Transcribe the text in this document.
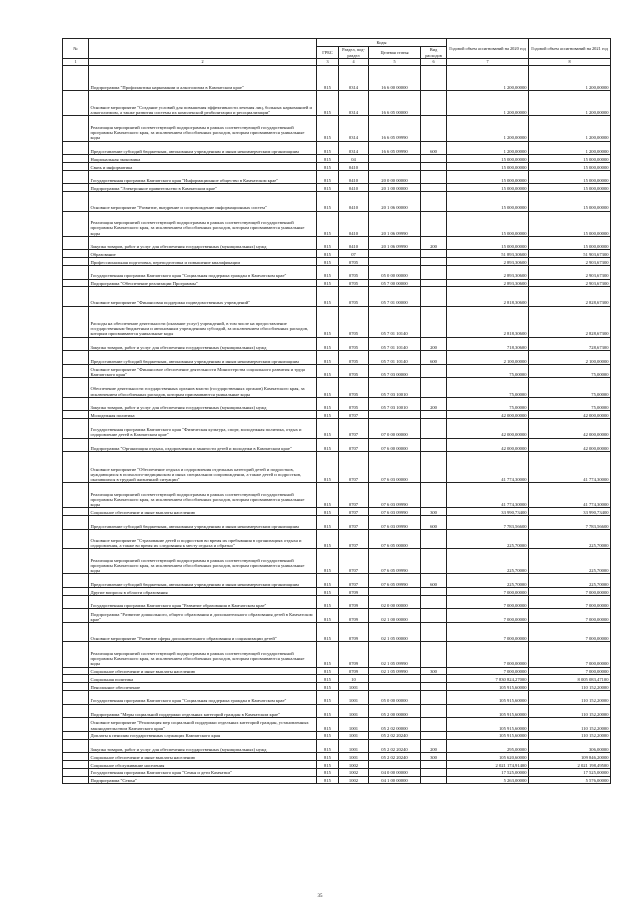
№		Коды				Годовой объем ассигнований на 2020 год	Годовой объем ассигнований на 2021 год
		ГРБС	Раздел, под-раздел	Целевая статья	Вид расходов		
1	2	3	4	5	6	7	8
	Подпрограмма "Профилактика наркомании и алкоголизма в Камчатском крае"	815	0314	16 6 00 00000		1 200,00000	1 200,00000
	Основное мероприятие "Создание условий для повышения эффективности лечения лиц, больных наркоманией и алкоголизмом, а также развития системы их комплексной реабилитации и ресоциализации"	815	0314	16 6 05 00000		1 200,00000	1 200,00000
	Реализация мероприятий соответствующей подпрограммы в рамках соответствующей государственной программы Камчатского края, за исключением обособленных расходов, которым присваиваются уникальные коды	815	0314	16 6 05 09990		1 200,00000	1 200,00000
	Предоставление субсидий бюджетным, автономным учреждениям и иным некоммерческим организациям	815	0314	16 6 05 09990	600	1 200,00000	1 200,00000
	Национальная экономика	815	04			15 000,00000	15 000,00000
	Связь и информатика	815	0410			15 000,00000	15 000,00000
	Государственная программа Камчатского края "Информационное общество в Камчатском крае"	815	0410	20 0 00 00000		15 000,00000	15 000,00000
	Подпрограмма "Электронное правительство в Камчатском крае"	815	0410	20 1 00 00000		15 000,00000	15 000,00000
	Основное мероприятие "Развитие, внедрение и сопровождение информационных систем"	815	0410	20 1 06 00000		15 000,00000	15 000,00000
	Реализация мероприятий соответствующей подпрограммы в рамках соответствующей государственной программы Камчатского края, за исключением обособленных расходов, которым присваиваются уникальные коды	815	0410	20 1 06 09990		15 000,00000	15 000,00000
	Закупка товаров, работ и услуг для обеспечения государственных (муниципальных) нужд	815	0410	20 1 06 09990	200	15 000,00000	15 000,00000
	Образование	815	07			51 893,30600	51 903,67300
	Профессиональная подготовка, переподготовка и повышение квалификации	815	0705			2 893,30600	2 903,67300
	Государственная программа Камчатского края "Социальная поддержка граждан в Камчатском крае"	815	0705	05 0 00 00000		2 893,30600	2 903,67300
	Подпрограмма "Обеспечение реализации Программы"	815	0705	05 7 00 00000		2 893,30600	2 903,67300
	Основное мероприятие "Финансовая поддержка подведомственных учреждений"	815	0705	05 7 01 00000		2 818,30600	2 828,67300
	Расходы на обеспечение деятельности (оказание услуг) учреждений, в том числе на предоставление государственным бюджетным и автономным учреждениям субсидий, за исключением обособленных расходов, которым присваиваются уникальные коды	815	0705	05 7 01 10140		2 818,30600	2 828,67300
	Закупка товаров, работ и услуг для обеспечения государственных (муниципальных) нужд	815	0705	05 7 01 10140	200	718,30600	728,67300
	Предоставление субсидий бюджетным, автономным учреждениям и иным некоммерческим организациям	815	0705	05 7 01 10140	600	2 100,00000	2 100,00000
	Основное мероприятие "Финансовое обеспечение деятельности Министерства социального развития и труда Камчатского края"	815	0705	05 7 03 00000		75,00000	75,00000
	Обеспечение деятельности государственных органов власти (государственных органов) Камчатского края, за исключением обособленных расходов, которым присваиваются уникальные коды	815	0705	05 7 03 10010		75,00000	75,00000
	Закупка товаров, работ и услуг для обеспечения государственных (муниципальных) нужд	815	0705	05 7 03 10010	200	75,00000	75,00000
	Молодежная политика	815	0707			42 000,00000	42 000,00000
	Государственная программа Камчатского края "Физическая культура, спорт, молодежная политика, отдых и оздоровление детей в Камчатском крае"	815	0707	07 0 00 00000		42 000,00000	42 000,00000
	Подпрограмма "Организация отдыха, оздоровления и занятости детей и молодежи в Камчатском крае"	815	0707	07 6 00 00000		42 000,00000	42 000,00000
	Основное мероприятие "Обеспечение отдыха и оздоровления отдельных категорий детей и подростков, нуждающихся в психолого-медицинском и иных специальном сопровождении, а также детей и подростков, оказавшихся в трудной жизненной ситуации"	815	0707	07 6 03 00000		41 774,30000	41 774,30000
	Реализация мероприятий соответствующей подпрограммы в рамках соответствующей государственной программы Камчатского края, за исключением обособленных расходов, которым присваиваются уникальные коды	815	0707	07 6 03 09990		41 774,30000	41 774,30000
	Социальное обеспечение и иные выплаты населению	815	0707	07 6 03 09990	300	33 990,73400	33 990,73400
	Предоставление субсидий бюджетным, автономным учреждениям и иным некоммерческим организациям	815	0707	07 6 03 09990	600	7 783,56600	7 783,56600
	Основное мероприятие "Страхование детей и подростков во время их пребывания в организациях отдыха и оздоровления, а также во время их следования к месту отдыха и обратно"	815	0707	07 6 05 00000		225,70000	225,70000
	Реализация мероприятий соответствующей подпрограммы в рамках соответствующей государственной программы Камчатского края, за исключением обособленных расходов, которым присваиваются уникальные коды	815	0707	07 6 05 09990		225,70000	225,70000
	Предоставление субсидий бюджетным, автономным учреждениям и иным некоммерческим организациям	815	0707	07 6 05 09990	600	225,70000	225,70000
	Другие вопросы в области образования	815	0709			7 000,00000	7 000,00000
	Государственная программа Камчатского края "Развитие образования в Камчатском крае"	815	0709	02 0 00 00000		7 000,00000	7 000,00000
	Подпрограмма "Развитие дошкольного, общего образования и дополнительного образования детей в Камчатском крае"	815	0709	02 1 00 00000		7 000,00000	7 000,00000
	Основное мероприятие "Развитие сферы дополнительного образования и социализации детей"	815	0709	02 1 05 00000		7 000,00000	7 000,00000
	Реализация мероприятий соответствующей подпрограммы в рамках соответствующей государственной программы Камчатского края, за исключением обособленных расходов, которым присваиваются уникальные коды	815	0709	02 1 05 09990		7 000,00000	7 000,00000
	Социальное обеспечение и иные выплаты населению	815	0709	02 1 05 09990	300	7 000,00000	7 000,00000
	Социальная политика	815	10			7 830 824,27000	8 005 083,47100
	Пенсионное обеспечение	815	1001			105 915,60000	110 152,20000
	Государственная программа Камчатского края "Социальная поддержка граждан в Камчатском крае"	815	1001	05 0 00 00000		105 915,60000	110 152,20000
	Подпрограмма "Меры социальной поддержки отдельных категорий граждан в Камчатском крае"	815	1001	05 2 00 00000		105 915,60000	110 152,20000
	Основное мероприятие "Реализация мер социальной поддержки отдельных категорий граждан, установленных законодательством Камчатского края"	815	1001	05 2 02 00000		105 915,60000	110 152,20000
	Доплаты к пенсиям государственных служащих Камчатского края	815	1001	05 2 02 20240		105 915,60000	110 152,20000
	Закупка товаров, работ и услуг для обеспечения государственных (муниципальных) нужд	815	1001	05 2 02 20240	200	295,00000	306,00000
	Социальное обеспечение и иные выплаты населению	815	1001	05 2 02 20240	300	105 620,60000	109 846,20000
	Социальное обслуживание населения	815	1002			2 021 174,91400	2 021 198,49500
	Государственная программа Камчатского края "Семья и дети Камчатки"	815	1002	04 0 00 00000		17 525,00000	17 525,00000
	Подпрограмма "Семья"	815	1002	04 1 00 00000		5 263,00000	5 576,00000
35
